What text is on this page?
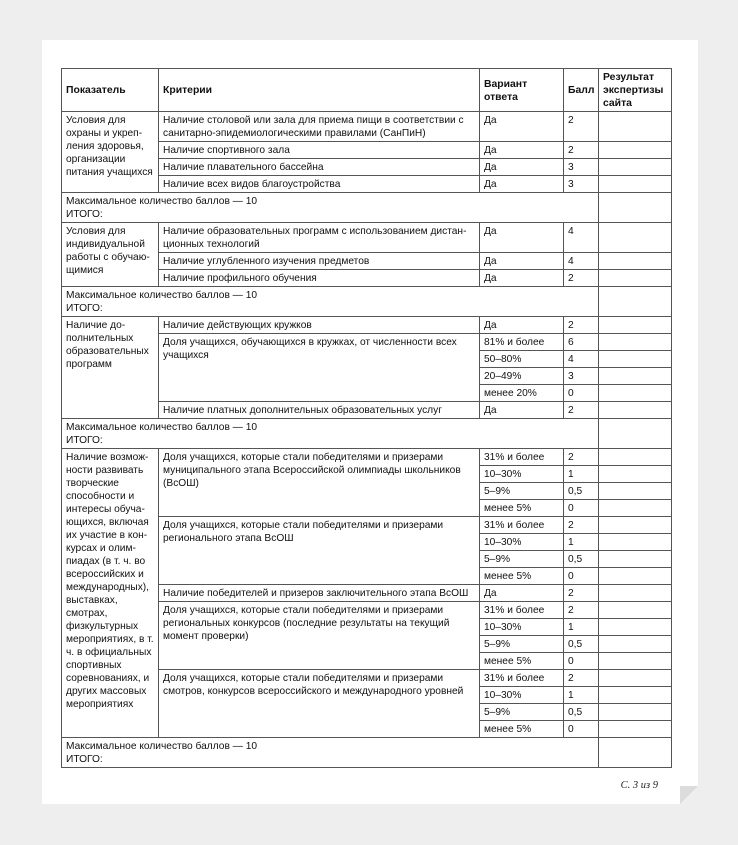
Показатель	Критерии	Вариант ответа	Балл	Результат экспертизы сайта
Условия для охраны и укрепления здоровья, организации питания учащихся	Наличие столовой или зала для приема пищи в соответствии с санитарно-эпидемиологическими правилами (СанПиН)	Да	2	
	Наличие спортивного зала	Да	2	
	Наличие плавательного бассейна	Да	3	
	Наличие всех видов благоустройства	Да	3	

Максимальное количество баллов — 10
ИТОГО:				

Условия для индивидуальной работы с обучающимися	Наличие образовательных программ с использованием дистанционных технологий	Да	4	
	Наличие углубленного изучения предметов	Да	4	
	Наличие профильного обучения	Да	2	

Максимальное количество баллов — 10
ИТОГО:				

Наличие дополнительных образовательных программ	Наличие действующих кружков	Да	2	
	Доля учащихся, обучающихся в кружках, от численности всех учащихся	81% и более	6	
		50–80%	4	
		20–49%	3	
		менее 20%	0	
	Наличие платных дополнительных образовательных услуг	Да	2	

Максимальное количество баллов — 10
ИТОГО:				

Наличие возможности развивать творческие способности и интересы обучающихся, включая их участие в конкурсах и олимпиадах (в т. ч. во всероссийских и международных), выставках, смотрах, физкультурных мероприятиях, в т. ч. в официальных спортивных соревнованиях, и других массовых мероприятиях	Доля учащихся, которые стали победителями и призерами муниципального этапа Всероссийской олимпиады школьников (ВсОШ)	31% и более	2	
		10–30%	1	
		5–9%	0,5	
		менее 5%	0	
	Доля учащихся, которые стали победителями и призерами регионального этапа ВсОШ	31% и более	2	
		10–30%	1	
		5–9%	0,5	
		менее 5%	0	
	Наличие победителей и призеров заключительного этапа ВсОШ	Да	2	
	Доля учащихся, которые стали победителями и призерами региональных конкурсов (последние результаты на текущий момент проверки)	31% и более	2	
		10–30%	1	
		5–9%	0,5	
		менее 5%	0	
	Доля учащихся, которые стали победителями и призерами смотров, конкурсов всероссийского и международного уровней	31% и более	2	
		10–30%	1	
		5–9%	0,5	
		менее 5%	0	

Максимальное количество баллов — 10
ИТОГО:				

С. 3 из 9
